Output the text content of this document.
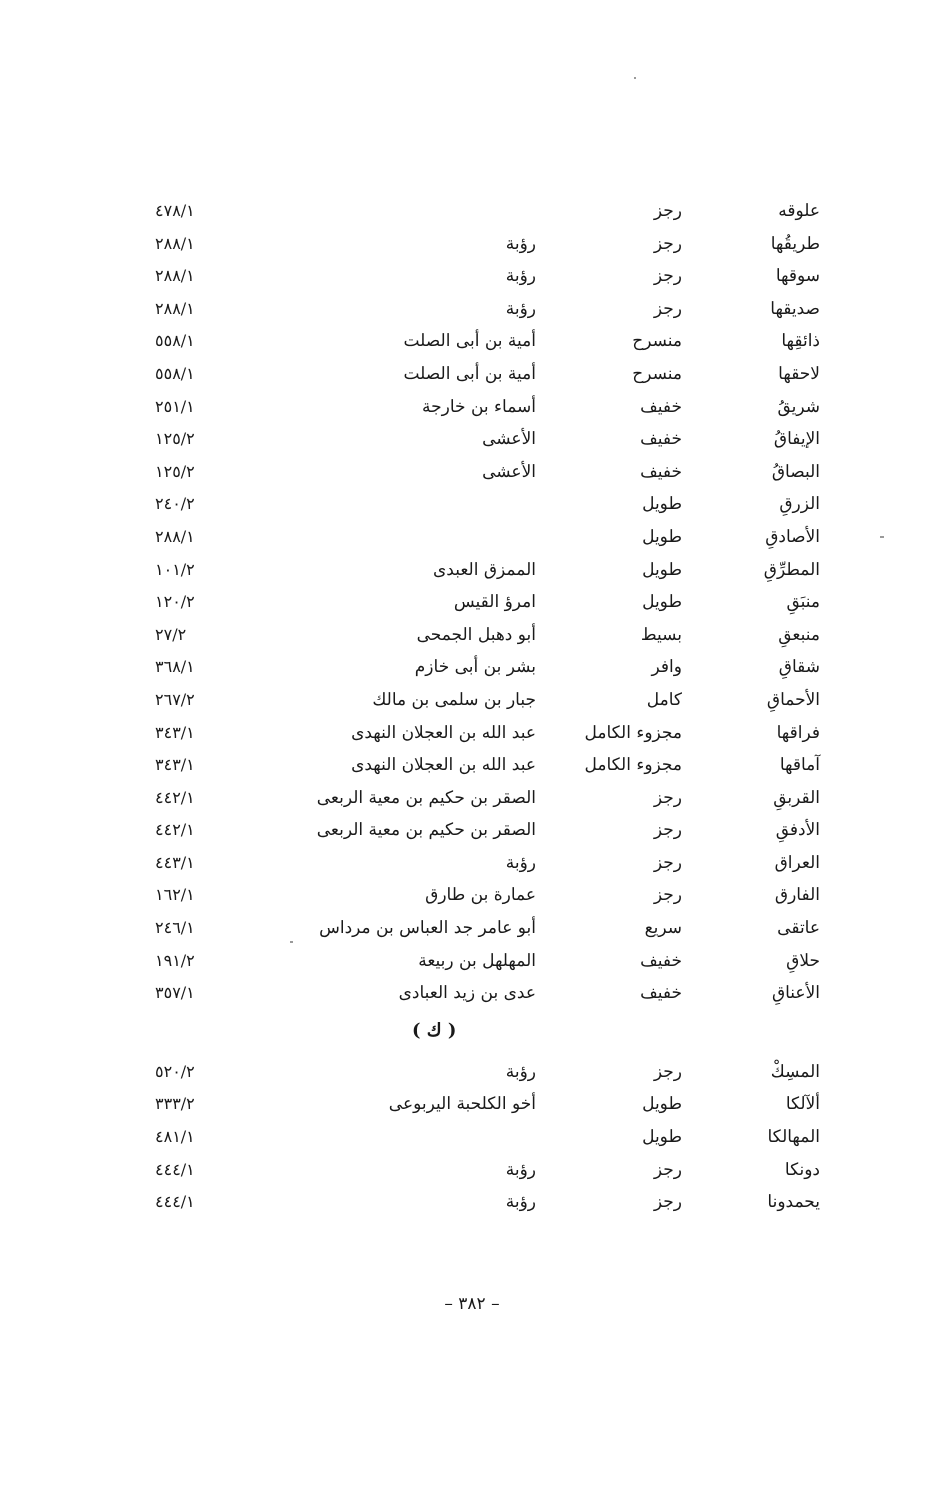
علوقه
رجز
٤٧٨/١
طريقُها
رجز
رؤبة
٢٨٨/١
سوقها
رجز
رؤبة
٢٨٨/١
صديقها
رجز
رؤبة
٢٨٨/١
ذائقِها
منسرح
أمية بن أبى الصلت
٥٥٨/١
لاحقها
منسرح
أمية بن أبى الصلت
٥٥٨/١
شريقُ
خفيف
أسماء بن خارجة
٢٥١/١
الإيفاقُ
خفيف
الأعشى
١٢٥/٢
البصاقُ
خفيف
الأعشى
١٢٥/٢
الزرقِ
طويل
٢٤٠/٢
الأصادقِ
طويل
٢٨٨/١
المطرِّقِ
طويل
الممزق العبدى
١٠١/٢
منبَقِ
طويل
امرؤ القيس
١٢٠/٢
منبعقِ
بسيط
أبو دهبل الجمحى
٢٧/٢
شقاقِ
وافر
بشر بن أبى خازم
٣٦٨/١
الأحماقِ
كامل
جبار بن سلمى بن مالك
٢٦٧/٢
فراقها
مجزوء الكامل
عبد الله بن العجلان النهدى
٣٤٣/١
آماقها
مجزوء الكامل
عبد الله بن العجلان النهدى
٣٤٣/١
القربقِ
رجز
الصقر بن حكيم بن معية الربعى
٤٤٢/١
الأدفقِ
رجز
الصقر بن حكيم بن معية الربعى
٤٤٢/١
العراق
رجز
رؤبة
٤٤٣/١
الفارق
رجز
عمارة بن طارق
١٦٢/١
عاتقى
سريع
أبو عامر جد العباس بن مرداس
٢٤٦/١
حلاقِ
خفيف
المهلهل بن ربيعة
١٩١/٢
الأعناقِ
خفيف
عدى بن زيد العبادى
٣٥٧/١
( ك )
المسِكْ
رجز
رؤبة
٥٢٠/٢
ألآلكا
طويل
أخو الكلحبة اليربوعى
٣٣٣/٢
المهالكا
طويل
٤٨١/١
دونكا
رجز
رؤبة
٤٤٤/١
يحمدونا
رجز
رؤبة
٤٤٤/١
– ٣٨٢ –
